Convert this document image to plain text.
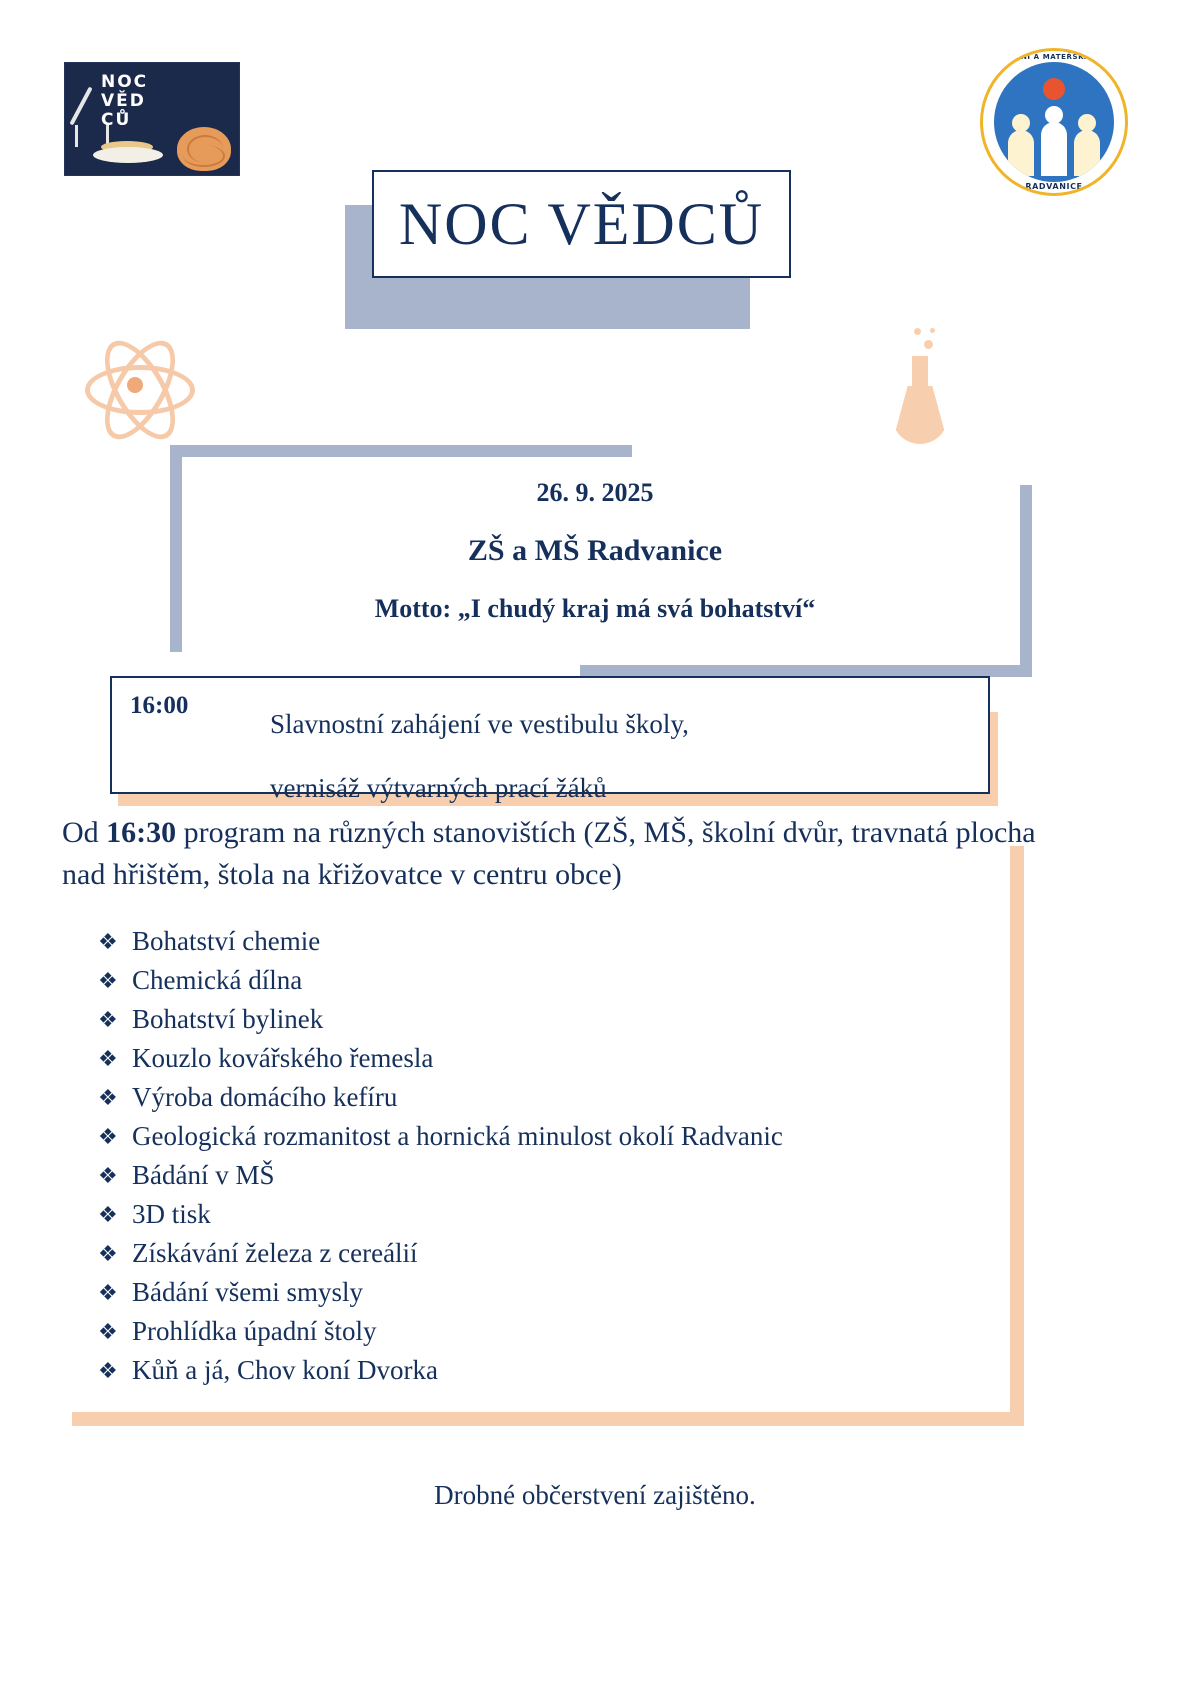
NOC
VĚD
CŮ
ZÁKLADNÍ A MATEŘSKÁ ŠKOLA
RADVANICE
NOC VĚDCŮ
26. 9. 2025
ZŠ a MŠ Radvanice
Motto: „I chudý kraj má svá bohatství“
16:00
Slavnostní zahájení ve vestibulu školy,
vernisáž výtvarných prací žáků
Od 16:30 program na různých stanovištích (ZŠ, MŠ, školní dvůr, travnatá plocha nad hřištěm, štola na křižovatce v centru obce)
❖ Bohatství chemie
❖ Chemická dílna
❖ Bohatství bylinek
❖ Kouzlo kovářského řemesla
❖ Výroba domácího kefíru
❖ Geologická rozmanitost a hornická minulost okolí Radvanic
❖ Bádání v MŠ
❖ 3D tisk
❖ Získávání železa z cereálií
❖ Bádání všemi smysly
❖ Prohlídka úpadní štoly
❖ Kůň a já, Chov koní Dvorka
Drobné občerstvení zajištěno.
